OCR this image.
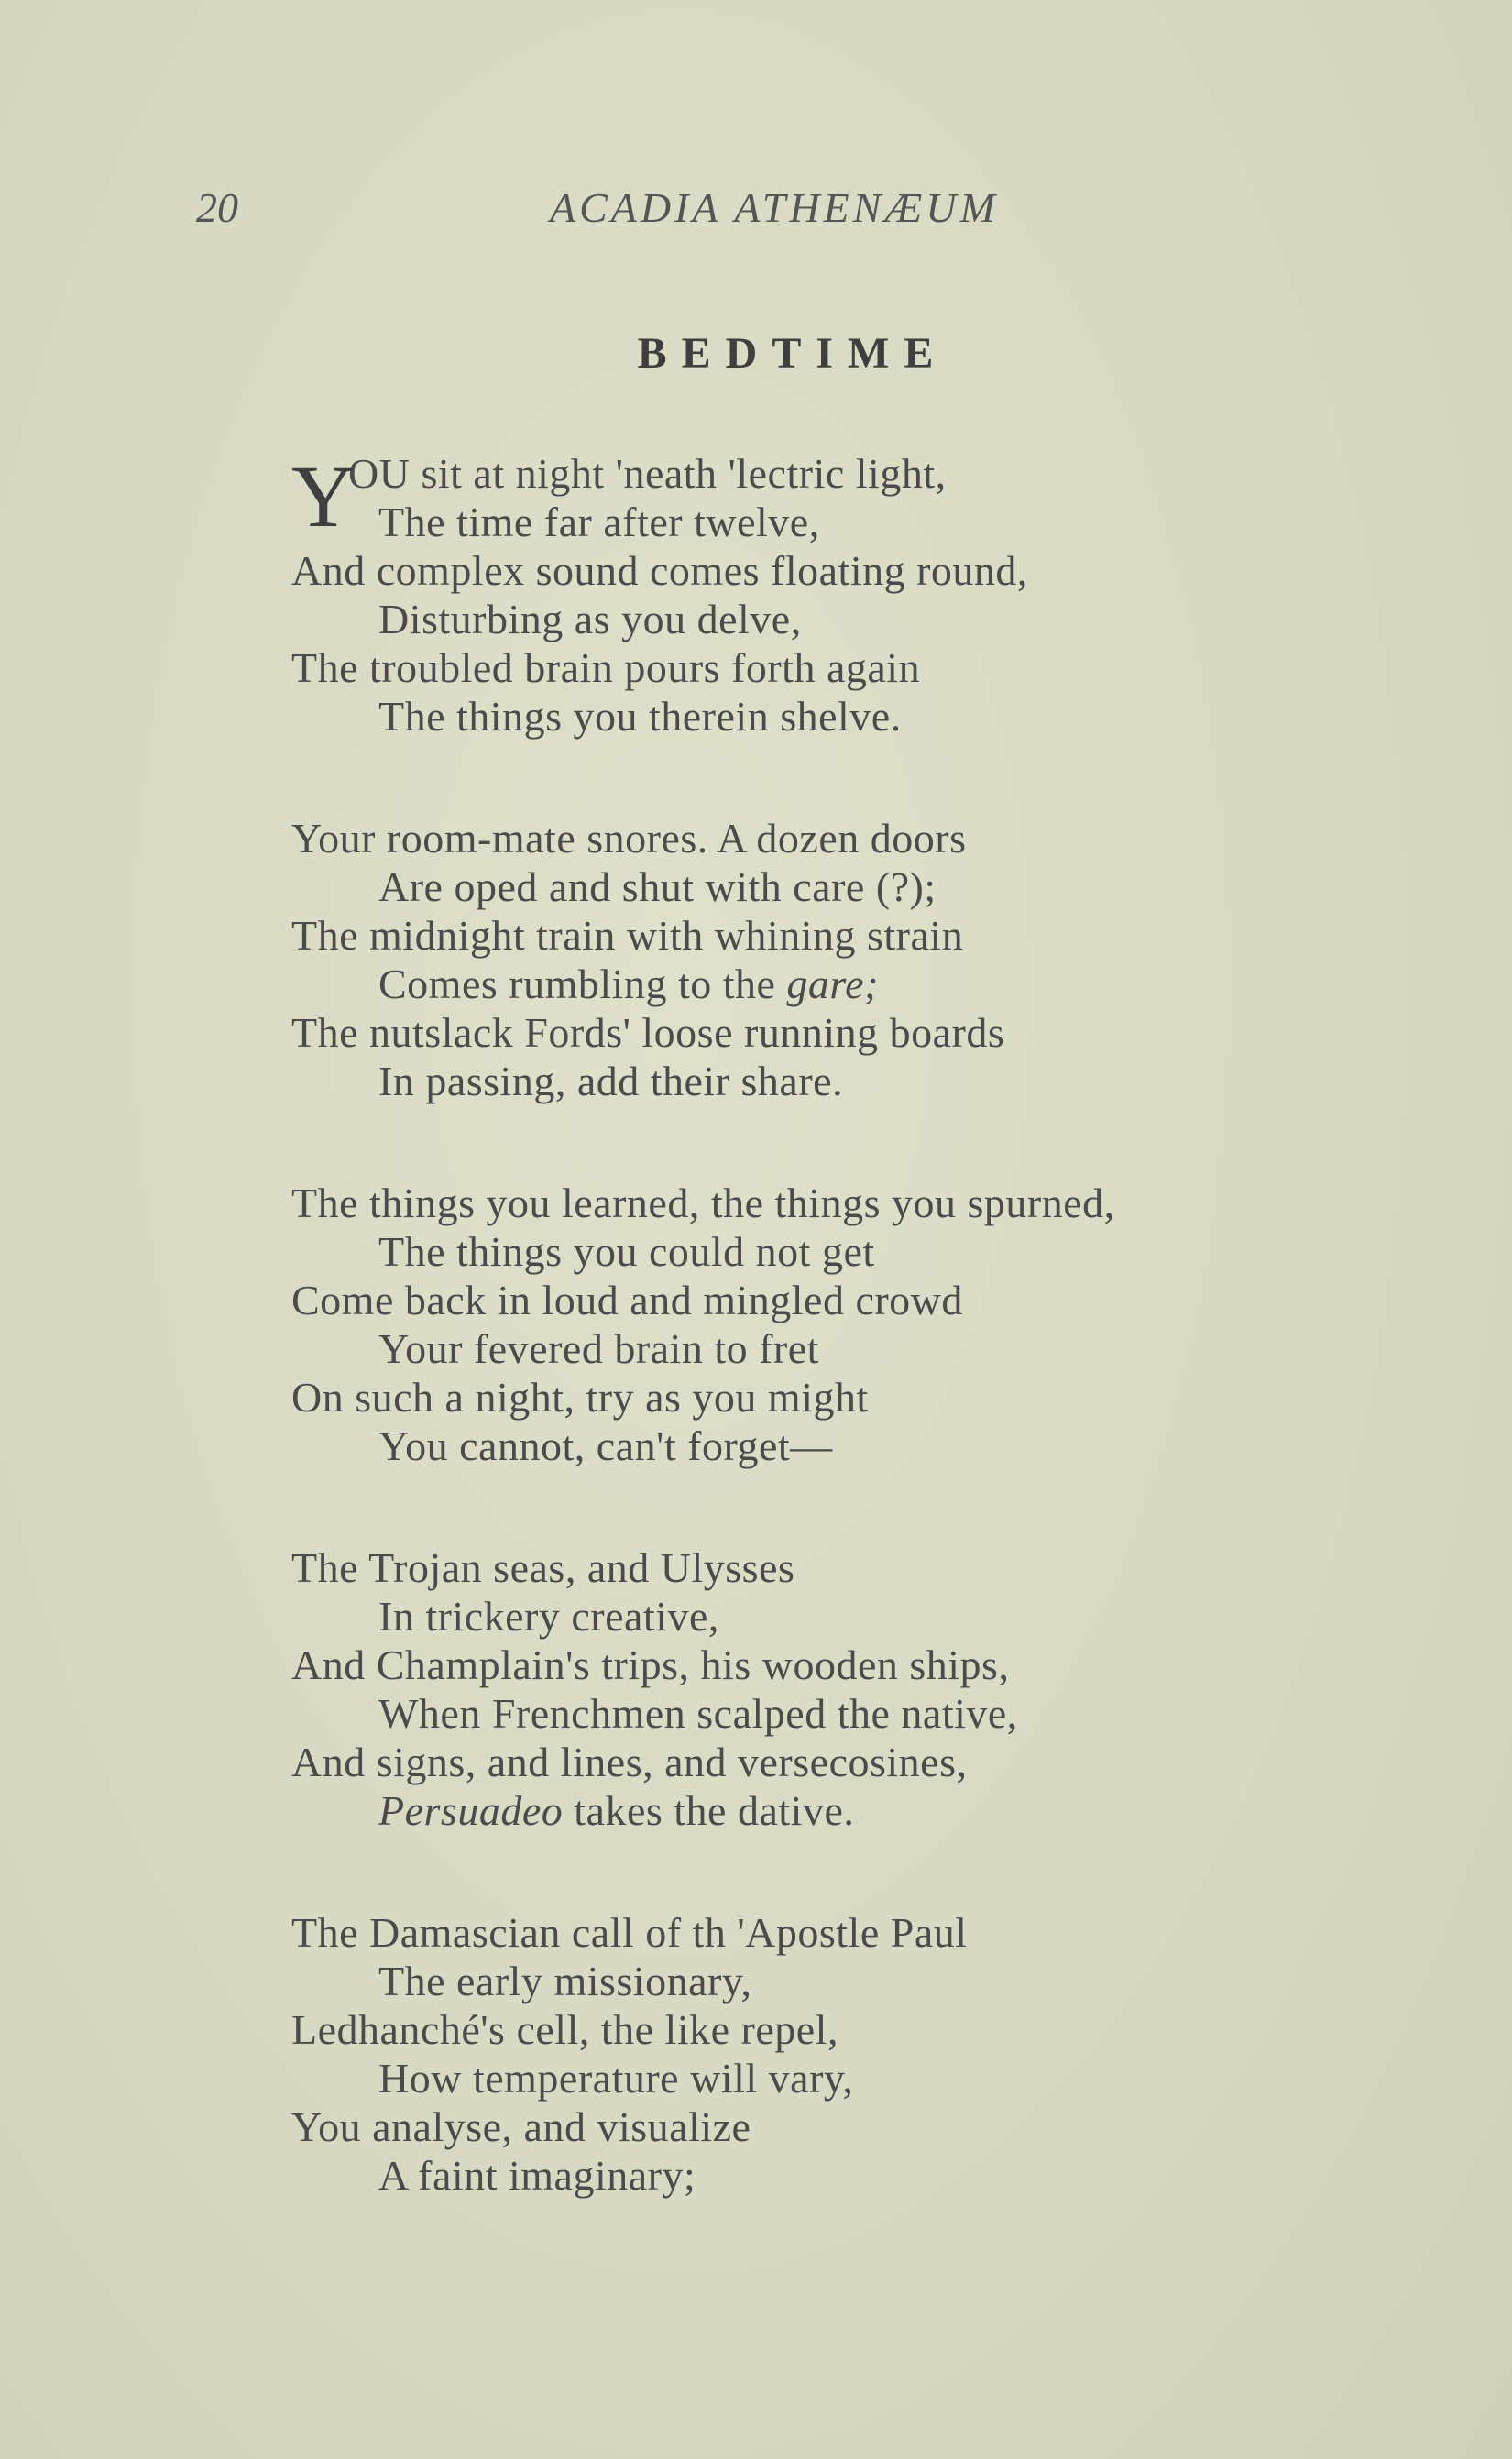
20	ACADIA ATHENÆUM
BEDTIME
Y
OU sit at night 'neath 'lectric light,
The time far after twelve,
And complex sound comes floating round,
Disturbing as you delve,
The troubled brain pours forth again
The things you therein shelve.
Your room-mate snores. A dozen doors
Are oped and shut with care (?);
The midnight train with whining strain
Comes rumbling to the gare;
The nutslack Fords' loose running boards
In passing, add their share.
The things you learned, the things you spurned,
The things you could not get
Come back in loud and mingled crowd
Your fevered brain to fret
On such a night, try as you might
You cannot, can't forget—
The Trojan seas, and Ulysses
In trickery creative,
And Champlain's trips, his wooden ships,
When Frenchmen scalped the native,
And signs, and lines, and versecosines,
Persuadeo takes the dative.
The Damascian call of th 'Apostle Paul
The early missionary,
Ledhanché's cell, the like repel,
How temperature will vary,
You analyse, and visualize
A faint imaginary;
